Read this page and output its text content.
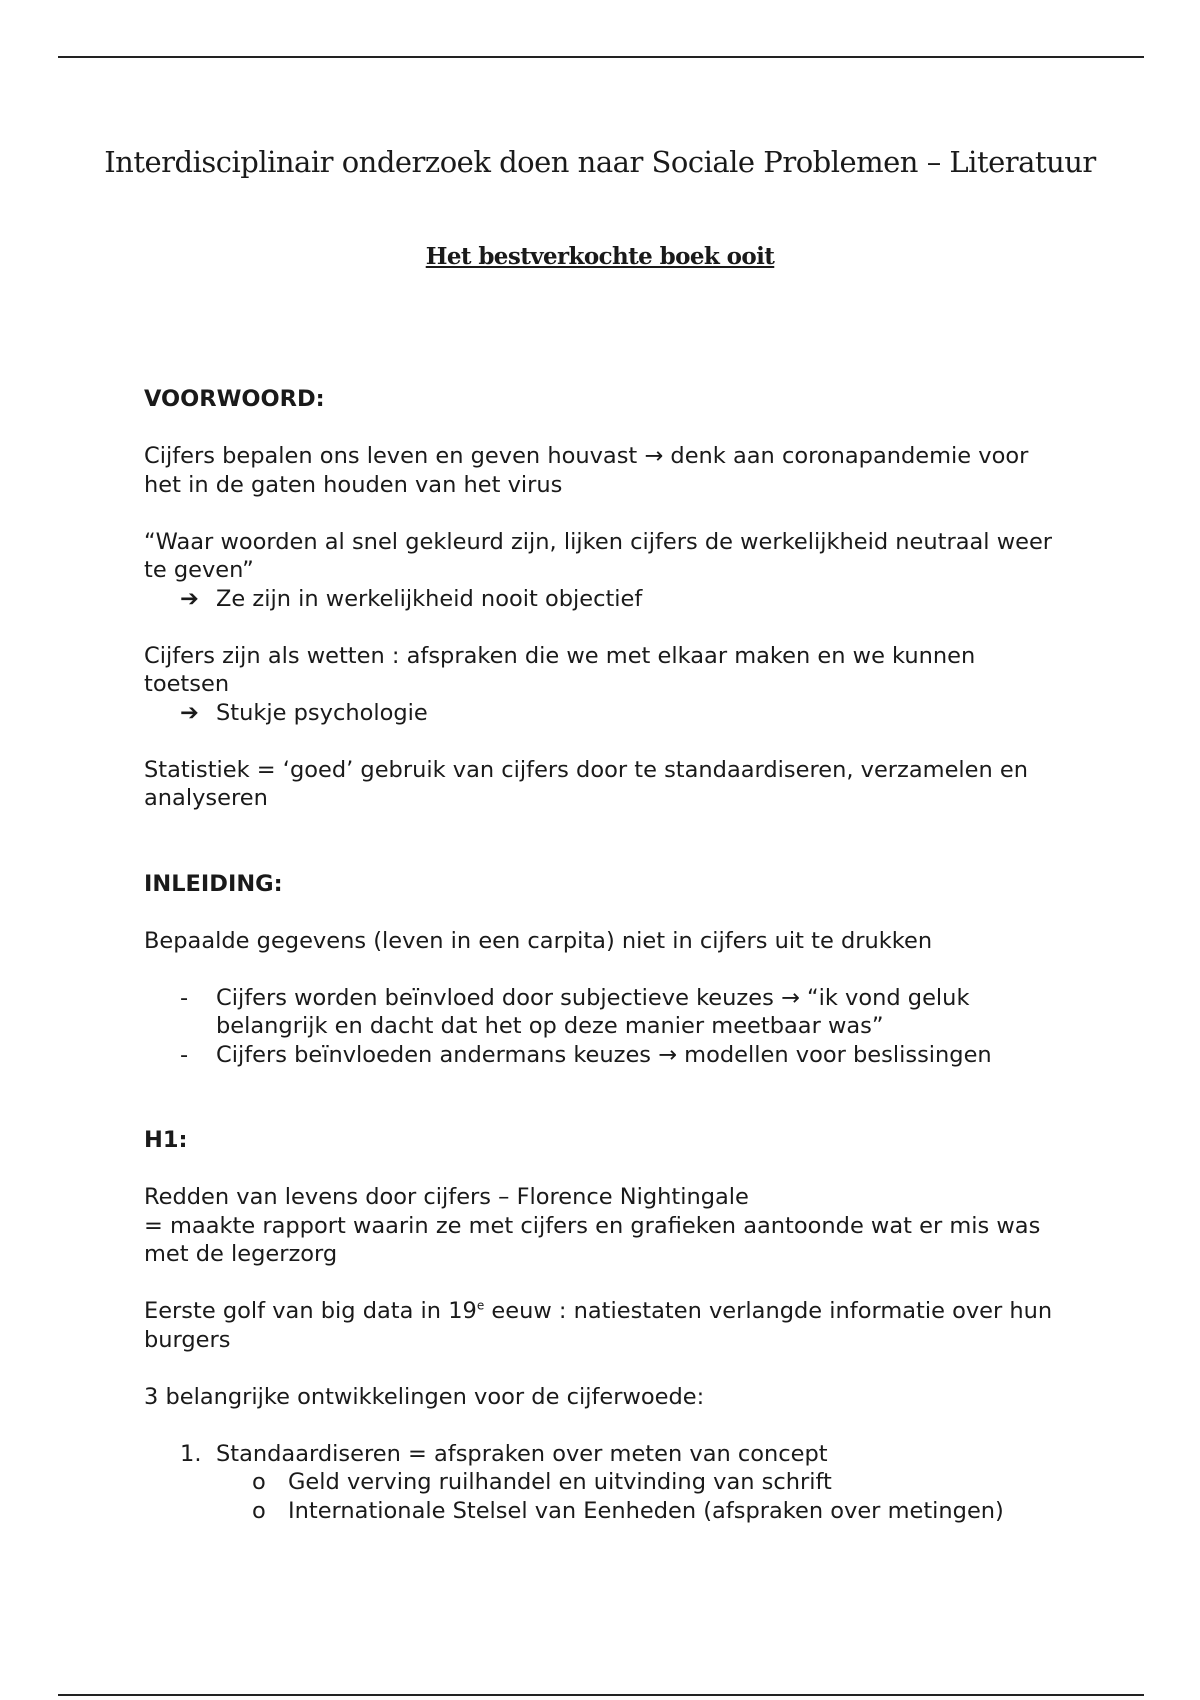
Interdisciplinair onderzoek doen naar Sociale Problemen – Literatuur
Het bestverkochte boek ooit

VOORWOORD:

Cijfers bepalen ons leven en geven houvast → denk aan coronapandemie voor het in de gaten houden van het virus

“Waar woorden al snel gekleurd zijn, lijken cijfers de werkelijkheid neutraal weer te geven”

➔ Ze zijn in werkelijkheid nooit objectief

Cijfers zijn als wetten : afspraken die we met elkaar maken en we kunnen toetsen

➔ Stukje psychologie

Statistiek = ‘goed’ gebruik van cijfers door te standaardiseren, verzamelen en analyseren

INLEIDING:

Bepaalde gegevens (leven in een carpita) niet in cijfers uit te drukken

- Cijfers worden beïnvloed door subjectieve keuzes → “ik vond geluk belangrijk en dacht dat het op deze manier meetbaar was”
- Cijfers beïnvloeden andermans keuzes → modellen voor beslissingen

H1:

Redden van levens door cijfers – Florence Nightingale
= maakte rapport waarin ze met cijfers en grafieken aantoonde wat er mis was met de legerzorg

Eerste golf van big data in 19e eeuw : natiestaten verlangde informatie over hun burgers

3 belangrijke ontwikkelingen voor de cijferwoede:

1. Standaardiseren = afspraken over meten van concept
o Geld verving ruilhandel en uitvinding van schrift
o Internationale Stelsel van Eenheden (afspraken over metingen)
